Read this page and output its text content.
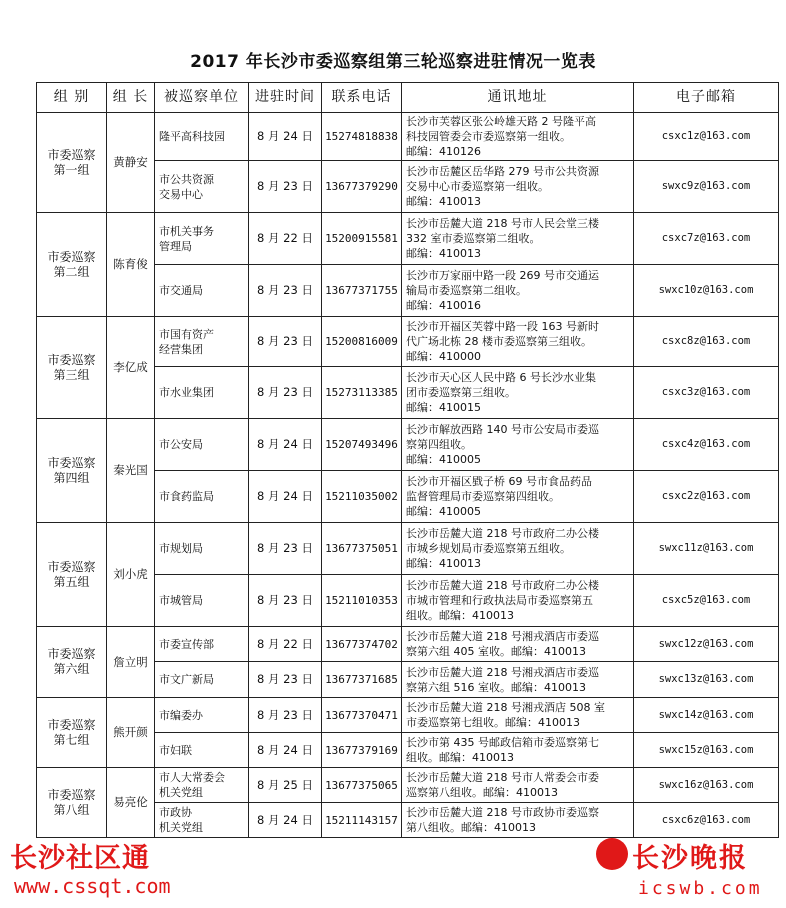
2017 年长沙市委巡察组第三轮巡察进驻情况一览表
组 别	组 长	被巡察单位	进驻时间	联系电话	通讯地址	电子邮箱
市委巡察
第一组	黄静安	隆平高科技园	8 月 24 日	15274818838	长沙市芙蓉区张公岭雄天路 2 号隆平高
科技园管委会市委巡察第一组收。
邮编：410126	csxc1z@163.com
		市公共资源
交易中心	8 月 23 日	13677379290	长沙市岳麓区岳华路 279 号市公共资源
交易中心市委巡察第一组收。
邮编：410013	swxc9z@163.com
市委巡察
第二组	陈育俊	市机关事务
管理局	8 月 22 日	15200915581	长沙市岳麓大道 218 号市人民会堂三楼
332 室市委巡察第二组收。
邮编：410013	csxc7z@163.com
		市交通局	8 月 23 日	13677371755	长沙市万家丽中路一段 269 号市交通运
输局市委巡察第二组收。
邮编：410016	swxc10z@163.com
市委巡察
第三组	李亿成	市国有资产
经营集团	8 月 23 日	15200816009	长沙市开福区芙蓉中路一段 163 号新时
代广场北栋 28 楼市委巡察第三组收。
邮编：410000	csxc8z@163.com
		市水业集团	8 月 23 日	15273113385	长沙市天心区人民中路 6 号长沙水业集
团市委巡察第三组收。
邮编：410015	csxc3z@163.com
市委巡察
第四组	秦光国	市公安局	8 月 24 日	15207493496	长沙市解放西路 140 号市公安局市委巡
察第四组收。
邮编：410005	csxc4z@163.com
		市食药监局	8 月 24 日	15211035002	长沙市开福区戥子桥 69 号市食品药品
监督管理局市委巡察第四组收。
邮编：410005	csxc2z@163.com
市委巡察
第五组	刘小虎	市规划局	8 月 23 日	13677375051	长沙市岳麓大道 218 号市政府二办公楼
市城乡规划局市委巡察第五组收。
邮编：410013	swxc11z@163.com
		市城管局	8 月 23 日	15211010353	长沙市岳麓大道 218 号市政府二办公楼
市城市管理和行政执法局市委巡察第五
组收。邮编：410013	csxc5z@163.com
市委巡察
第六组	詹立明	市委宣传部	8 月 22 日	13677374702	长沙市岳麓大道 218 号湘戎酒店市委巡
察第六组 405 室收。邮编：410013	swxc12z@163.com
		市文广新局	8 月 23 日	13677371685	长沙市岳麓大道 218 号湘戎酒店市委巡
察第六组 516 室收。邮编：410013	swxc13z@163.com
市委巡察
第七组	熊开颜	市编委办	8 月 23 日	13677370471	长沙市岳麓大道 218 号湘戎酒店 508 室
市委巡察第七组收。邮编：410013	swxc14z@163.com
		市妇联	8 月 24 日	13677379169	长沙市第 435 号邮政信箱市委巡察第七
组收。邮编：410013	swxc15z@163.com
市委巡察
第八组	易亮伦	市人大常委会
机关党组	8 月 25 日	13677375065	长沙市岳麓大道 218 号市人常委会市委
巡察第八组收。邮编：410013	swxc16z@163.com
		市政协
机关党组	8 月 24 日	15211143157	长沙市岳麓大道 218 号市政协市委巡察
第八组收。邮编：410013	csxc6z@163.com
长沙社区通
www.cssqt.com
长沙晚报
icswb.com
